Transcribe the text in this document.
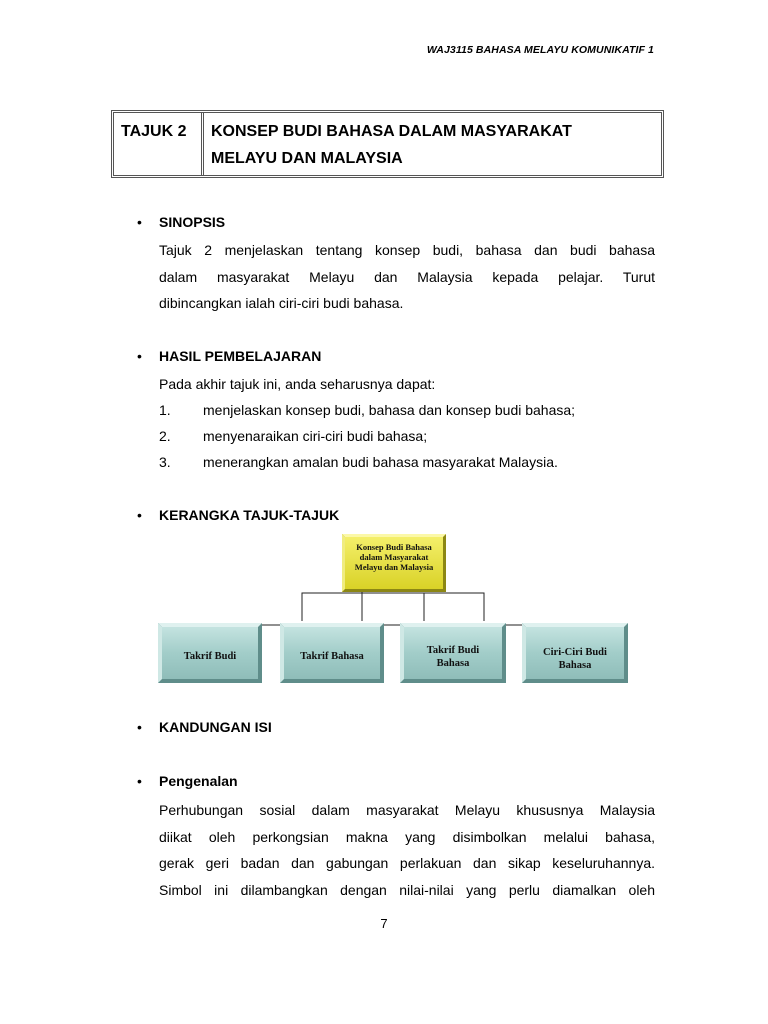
WAJ3115 BAHASA MELAYU KOMUNIKATIF 1
TAJUK 2	KONSEP BUDI BAHASA DALAM MASYARAKAT
MELAYU DAN MALAYSIA
• SINOPSIS
Tajuk 2 menjelaskan tentang konsep budi, bahasa dan budi bahasa
dalam masyarakat Melayu dan Malaysia kepada pelajar. Turut
dibincangkan ialah ciri-ciri budi bahasa.
• HASIL PEMBELAJARAN
Pada akhir tajuk ini, anda seharusnya dapat:
1. menjelaskan konsep budi, bahasa dan konsep budi bahasa;
2. menyenaraikan ciri-ciri budi bahasa;
3. menerangkan amalan budi bahasa masyarakat Malaysia.
• KERANGKA TAJUK-TAJUK
Konsep Budi Bahasa dalam Masyarakat Melayu dan Malaysia
Takrif Budi	Takrif Bahasa
Takrif Budi Bahasa
Ciri-Ciri Budi Bahasa
• KANDUNGAN ISI
• Pengenalan
Perhubungan sosial dalam masyarakat Melayu khususnya Malaysia
diikat oleh perkongsian makna yang disimbolkan melalui bahasa,
gerak geri badan dan gabungan perlakuan dan sikap keseluruhannya.
Simbol ini dilambangkan dengan nilai-nilai yang perlu diamalkan oleh
7
